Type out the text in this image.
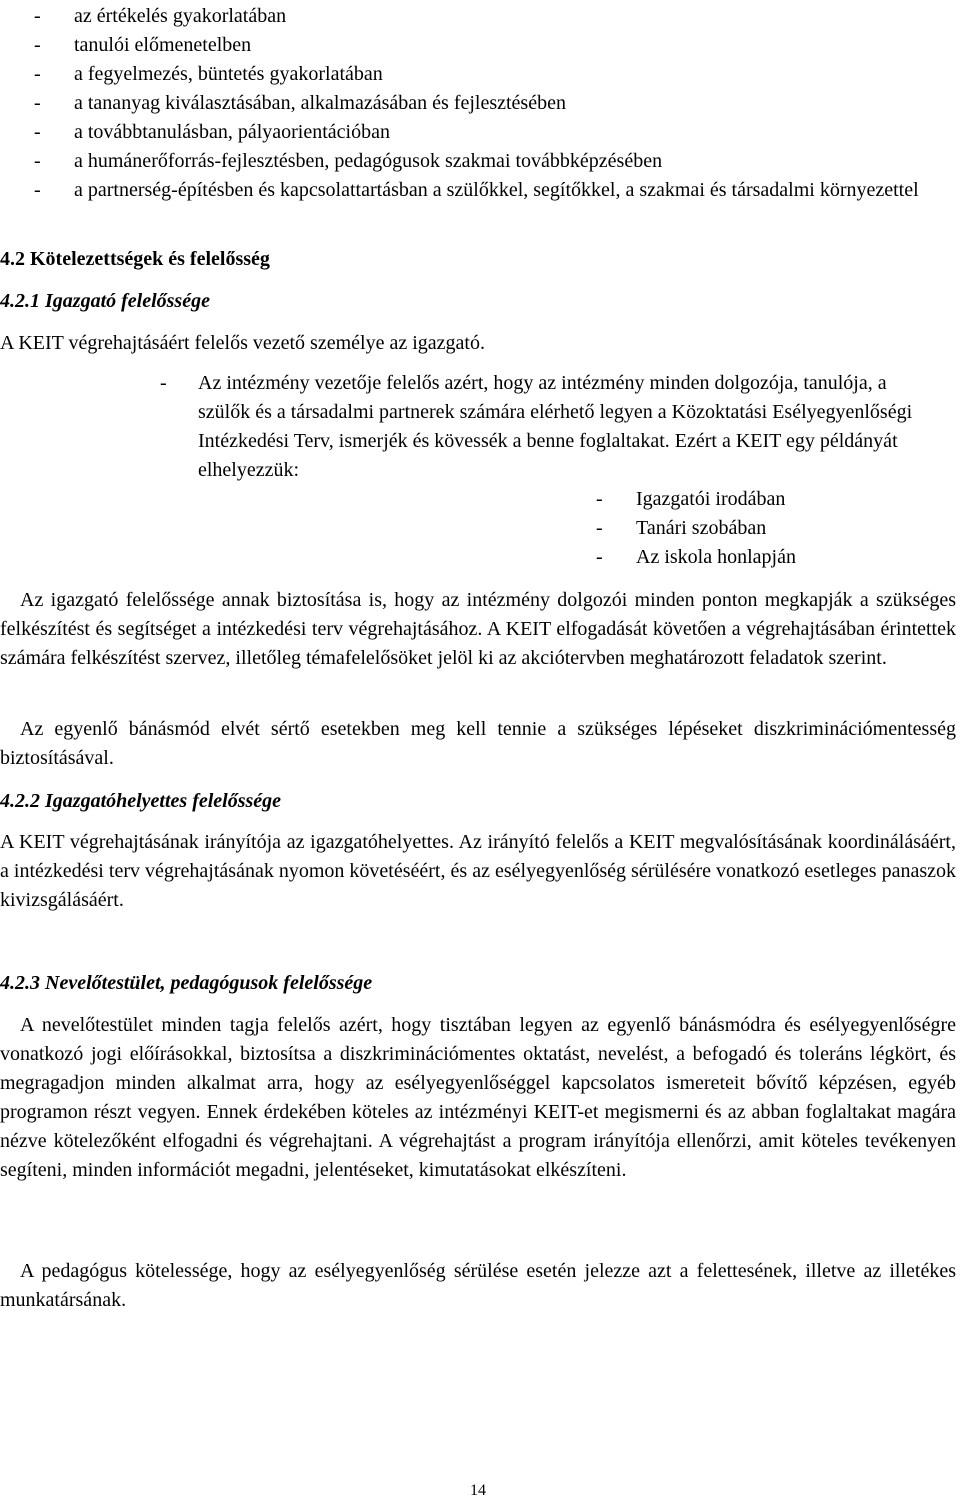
- az értékelés gyakorlatában
- tanulói előmenetelben
- a fegyelmezés, büntetés gyakorlatában
- a tananyag kiválasztásában, alkalmazásában és fejlesztésében
- a továbbtanulásban, pályaorientációban
- a humánerőforrás-fejlesztésben, pedagógusok szakmai továbbképzésében
- a partnerség-építésben és kapcsolattartásban a szülőkkel, segítőkkel, a szakmai és társadalmi környezettel
4.2 Kötelezettségek és felelősség
4.2.1 Igazgató felelőssége
A KEIT végrehajtásáért felelős vezető személye az igazgató.
- Az intézmény vezetője felelős azért, hogy az intézmény minden dolgozója, tanulója, a szülők és a társadalmi partnerek számára elérhető legyen a Közoktatási Esélyegyenlőségi Intézkedési Terv, ismerjék és kövessék a benne foglaltakat. Ezért a KEIT egy példányát elhelyezzük:
- Igazgatói irodában
- Tanári szobában
- Az iskola honlapján

Az igazgató felelőssége annak biztosítása is, hogy az intézmény dolgozói minden ponton megkapják a szükséges felkészítést és segítséget a intézkedési terv végrehajtásához. A KEIT elfogadását követően a végrehajtásában érintettek számára felkészítést szervez, illetőleg témafelelősöket jelöl ki az akciótervben meghatározott feladatok szerint.

Az egyenlő bánásmód elvét sértő esetekben meg kell tennie a szükséges lépéseket diszkriminációmentesség biztosításával.

4.2.2 Igazgatóhelyettes felelőssége

A KEIT végrehajtásának irányítója az igazgatóhelyettes. Az irányító felelős a KEIT megvalósításának koordinálásáért, a intézkedési terv végrehajtásának nyomon követéséért, és az esélyegyenlőség sérülésére vonatkozó esetleges panaszok kivizsgálásáért.

4.2.3 Nevelőtestület, pedagógusok felelőssége

A nevelőtestület minden tagja felelős azért, hogy tisztában legyen az egyenlő bánásmódra és esélyegyenlőségre vonatkozó jogi előírásokkal, biztosítsa a diszkriminációmentes oktatást, nevelést, a befogadó és toleráns légkört, és megragadjon minden alkalmat arra, hogy az esélyegyenlőséggel kapcsolatos ismereteit bővítő képzésen, egyéb programon részt vegyen. Ennek érdekében köteles az intézményi KEIT-et megismerni és az abban foglaltakat magára nézve kötelezőként elfogadni és végrehajtani. A végrehajtást a program irányítója ellenőrzi, amit köteles tevékenyen segíteni, minden információt megadni, jelentéseket, kimutatásokat elkészíteni.

A pedagógus kötelessége, hogy az esélyegyenlőség sérülése esetén jelezze azt a felettesének, illetve az illetékes munkatársának.

14
